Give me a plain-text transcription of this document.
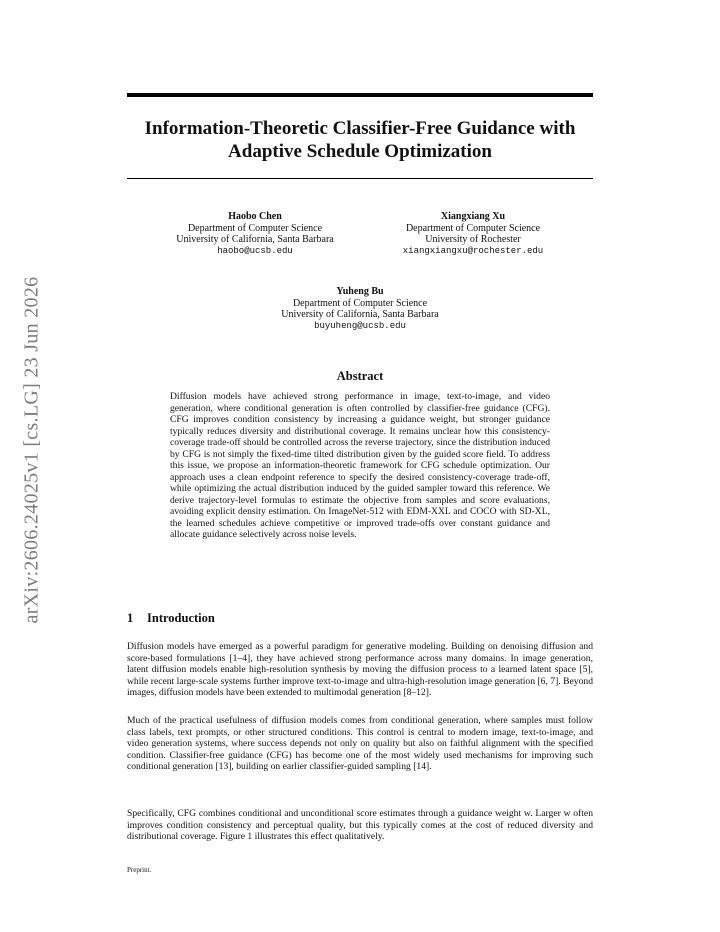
arXiv:2606.24025v1 [cs.LG] 23 Jun 2026
Information-Theoretic Classifier-Free Guidance with Adaptive Schedule Optimization
Haobo Chen
Department of Computer Science
University of California, Santa Barbara
haobo@ucsb.edu
Xiangxiang Xu
Department of Computer Science
University of Rochester
xiangxiangxu@rochester.edu
Yuheng Bu
Department of Computer Science
University of California, Santa Barbara
buyuheng@ucsb.edu
Abstract

Diffusion models have achieved strong performance in image, text-to-image, and video generation, where conditional generation is often controlled by classifier-free guidance (CFG). CFG improves condition consistency by increasing a guidance weight, but stronger guidance typically reduces diversity and distributional coverage. It remains unclear how this consistency-coverage trade-off should be controlled across the reverse trajectory, since the distribution induced by CFG is not simply the fixed-time tilted distribution given by the guided score field. To address this issue, we propose an information-theoretic framework for CFG schedule optimization. Our approach uses a clean endpoint reference to specify the desired consistency-coverage trade-off, while optimizing the actual distribution induced by the guided sampler toward this reference. We derive trajectory-level formulas to estimate the objective from samples and score evaluations, avoiding explicit density estimation. On ImageNet-512 with EDM-XXL and COCO with SD-XL, the learned schedules achieve competitive or improved trade-offs over constant guidance and allocate guidance selectively across noise levels.

1 Introduction

Diffusion models have emerged as a powerful paradigm for generative modeling. Building on denoising diffusion and score-based formulations [1–4], they have achieved strong performance across many domains. In image generation, latent diffusion models enable high-resolution synthesis by moving the diffusion process to a learned latent space [5], while recent large-scale systems further improve text-to-image and ultra-high-resolution image generation [6, 7]. Beyond images, diffusion models have been extended to multimodal generation [8–12].

Much of the practical usefulness of diffusion models comes from conditional generation, where samples must follow class labels, text prompts, or other structured conditions. This control is central to modern image, text-to-image, and video generation systems, where success depends not only on quality but also on faithful alignment with the specified condition. Classifier-free guidance (CFG) has become one of the most widely used mechanisms for improving such conditional generation [13], building on earlier classifier-guided sampling [14].

Specifically, CFG combines conditional and unconditional score estimates through a guidance weight w. Larger w often improves condition consistency and perceptual quality, but this typically comes at the cost of reduced diversity and distributional coverage. Figure 1 illustrates this effect qualitatively.

Preprint.
